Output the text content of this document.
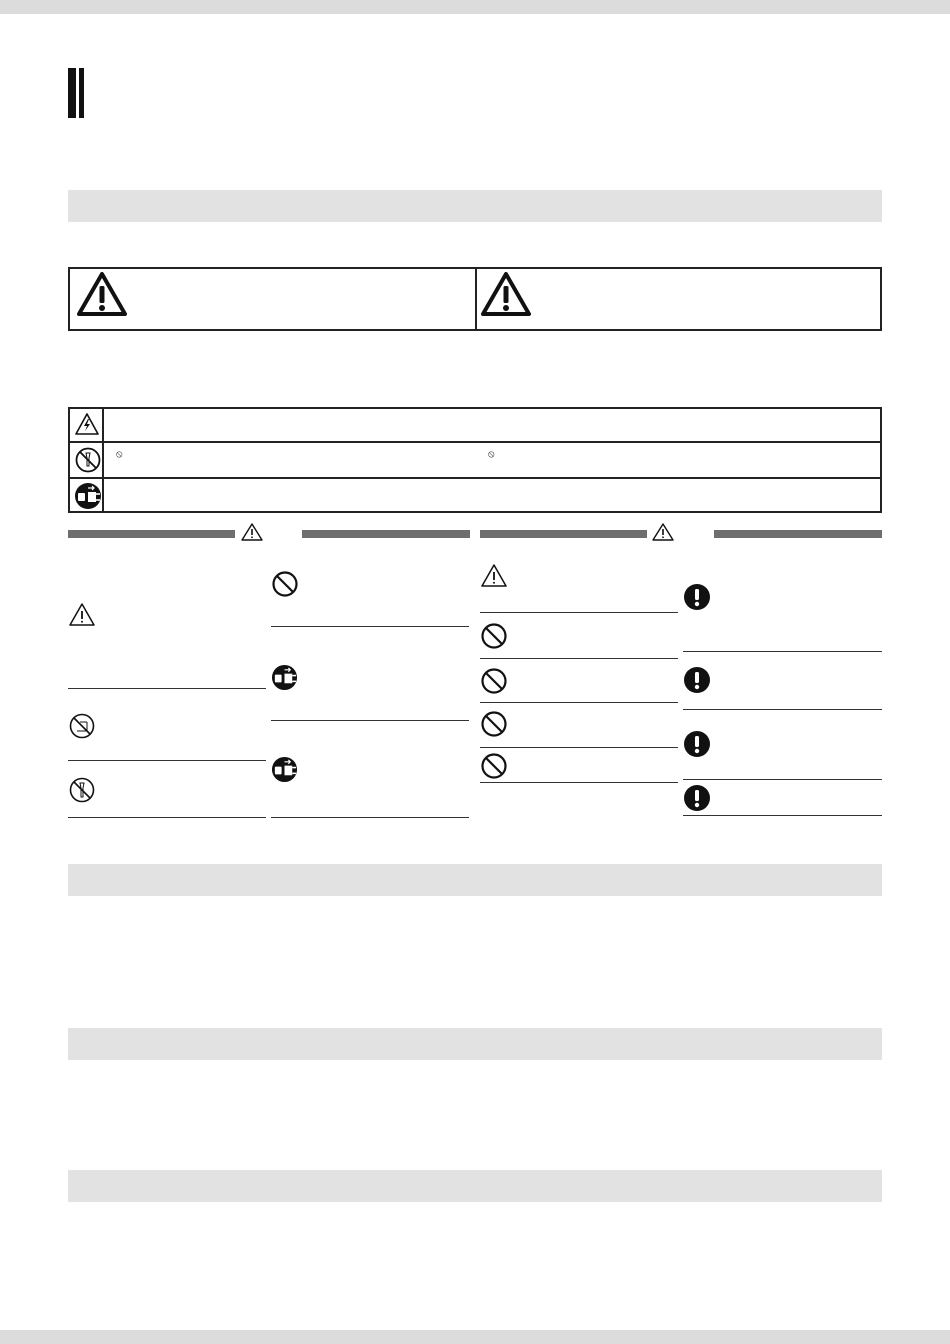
⦸	⦸
